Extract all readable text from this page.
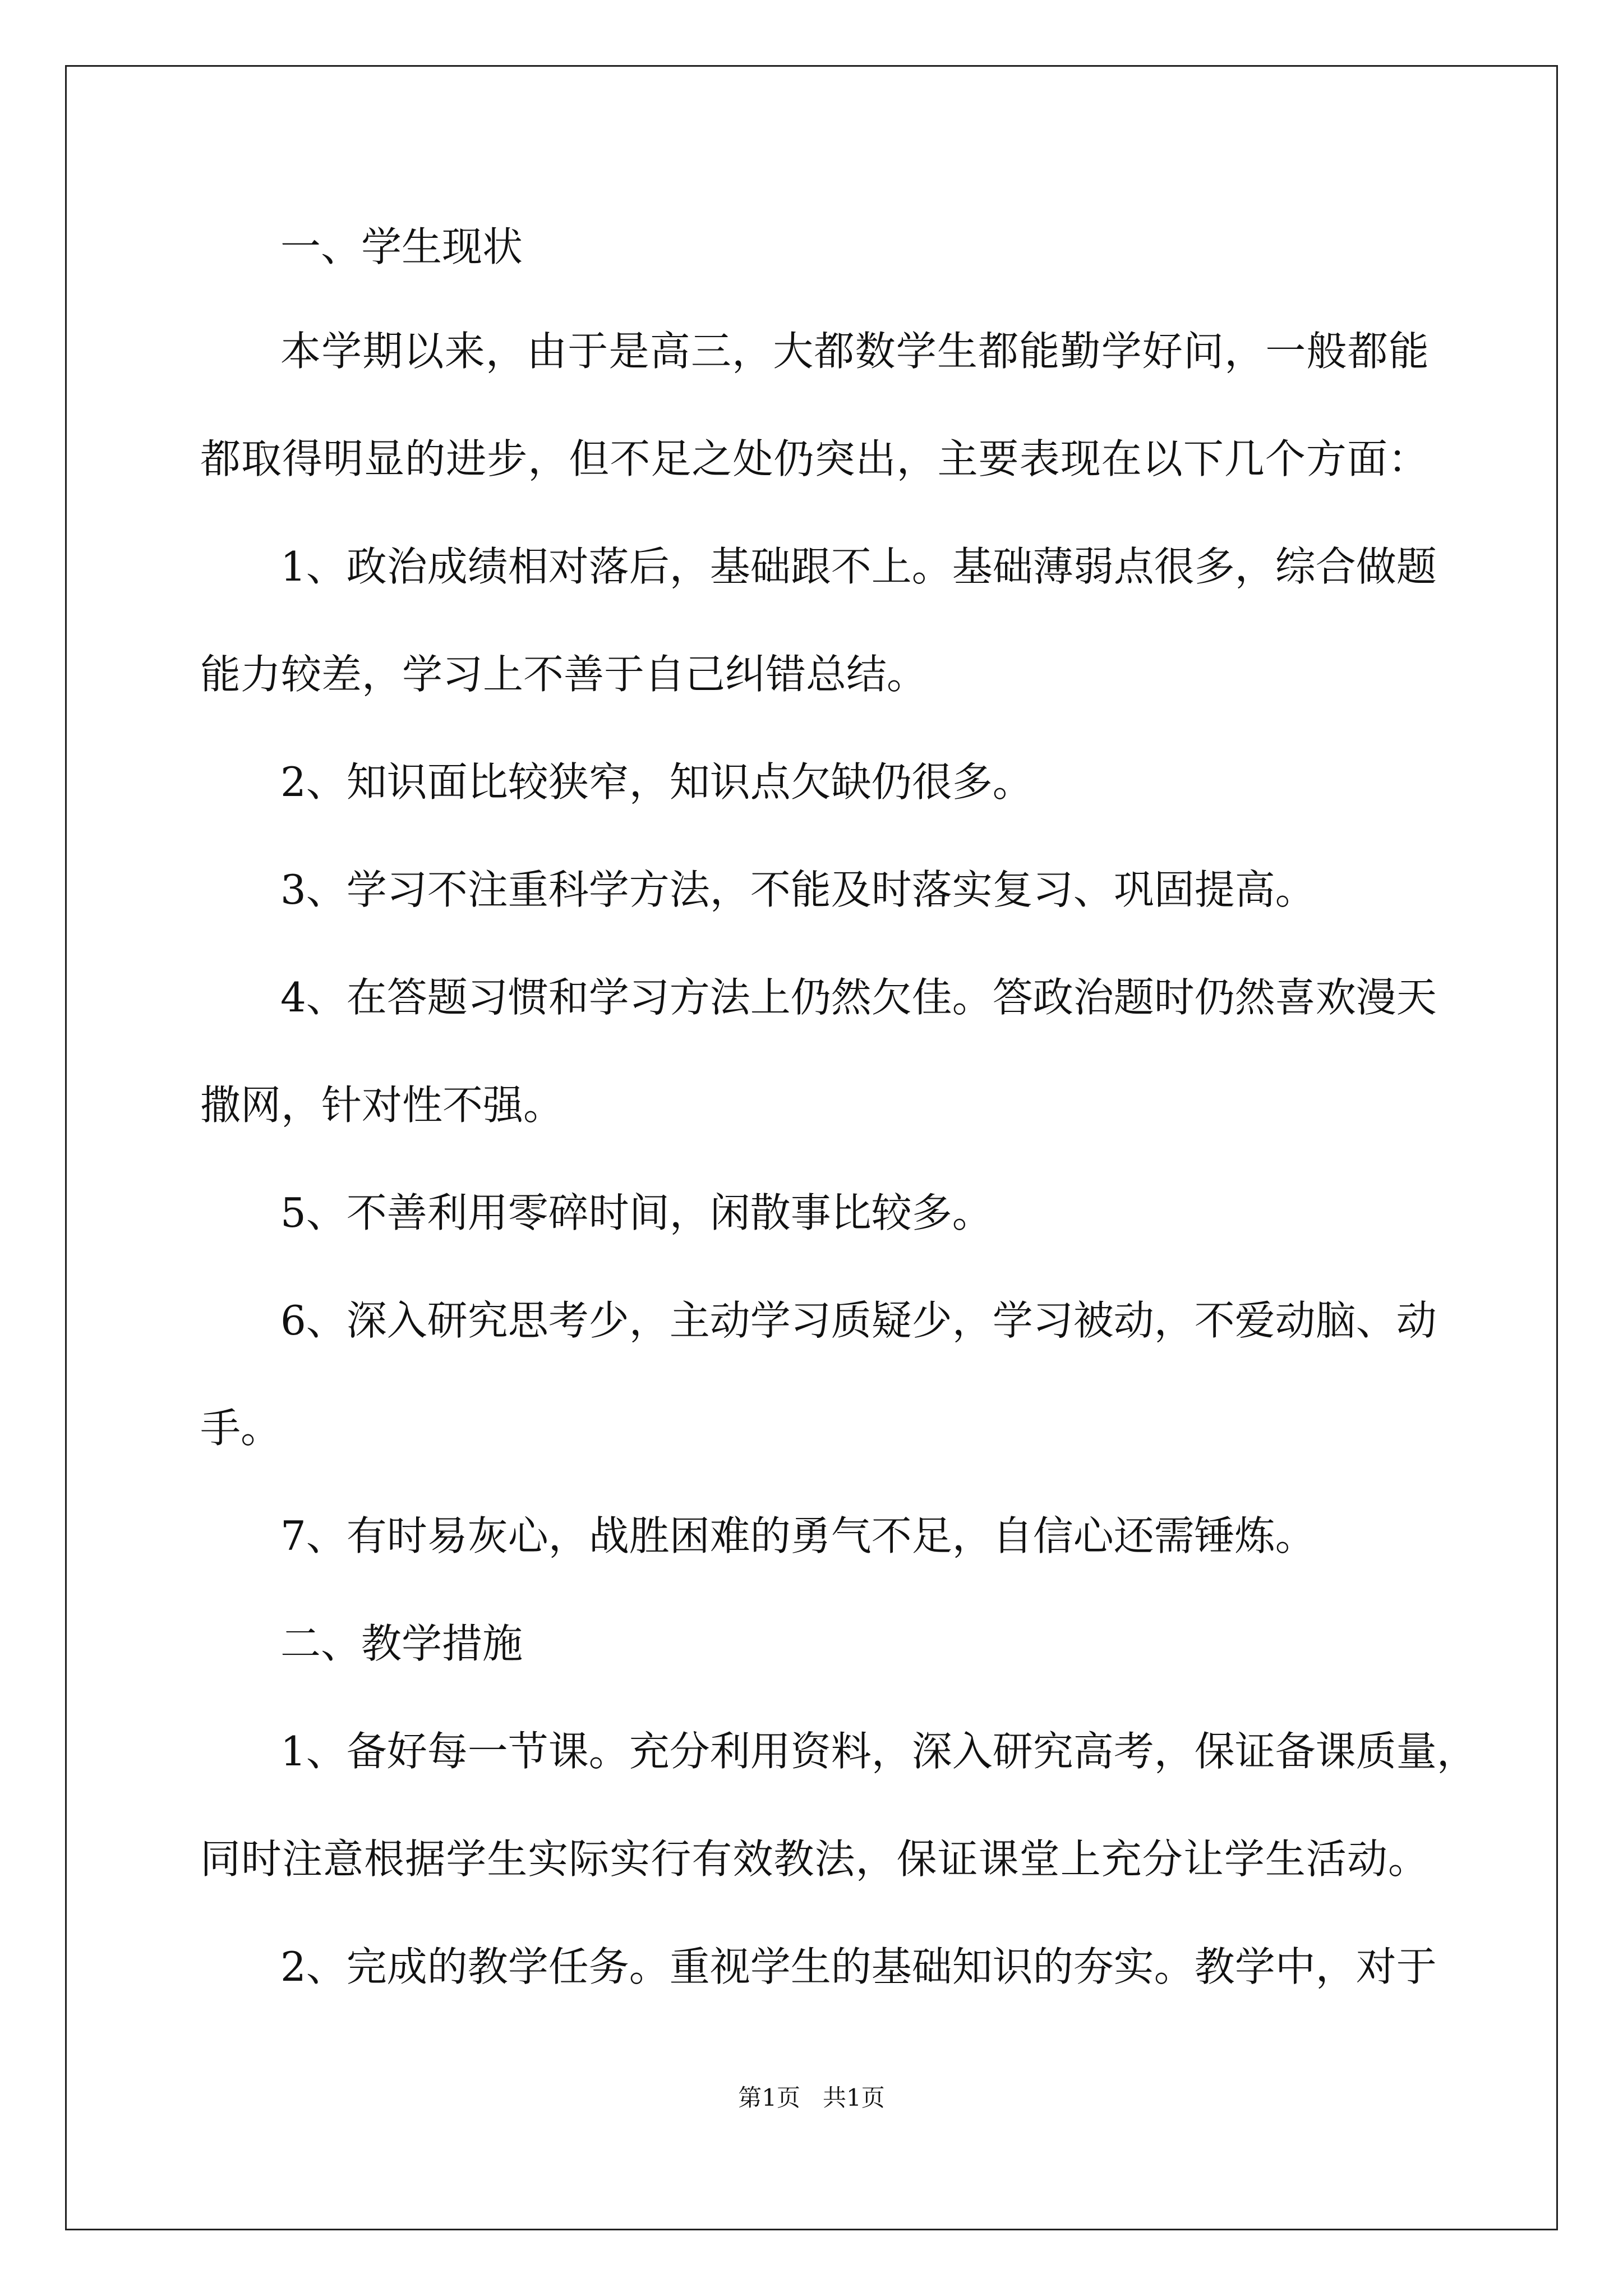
一、学生现状

本学期以来，由于是高三，大都数学生都能勤学好问，一般都能

都取得明显的进步，但不足之处仍突出，主要表现在以下几个方面：

1、政治成绩相对落后，基础跟不上。基础薄弱点很多，综合做题

能力较差，学习上不善于自己纠错总结。

2、知识面比较狭窄，知识点欠缺仍很多。

3、学习不注重科学方法，不能及时落实复习、巩固提高。

4、在答题习惯和学习方法上仍然欠佳。答政治题时仍然喜欢漫天

撒网，针对性不强。

5、不善利用零碎时间，闲散事比较多。

6、深入研究思考少，主动学习质疑少，学习被动，不爱动脑、动

手。

7、有时易灰心，战胜困难的勇气不足，自信心还需锤炼。

二、教学措施

1、备好每一节课。充分利用资料，深入研究高考，保证备课质量，

同时注意根据学生实际实行有效教法，保证课堂上充分让学生活动。

2、完成的教学任务。重视学生的基础知识的夯实。教学中，对于

第1页   共1页
